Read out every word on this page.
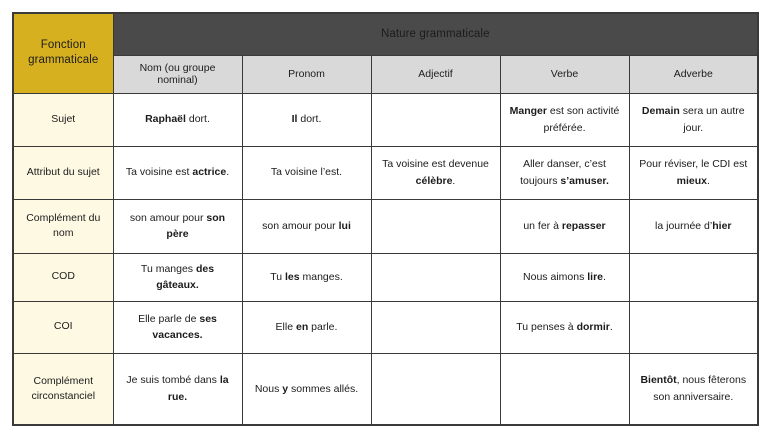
Fonction grammaticale	Nature grammaticale				
	Nom (ou groupe nominal)	Pronom	Adjectif	Verbe	Adverbe
Sujet	Raphaël dort.	Il dort.		Manger est son activité préférée.	Demain sera un autre jour.
Attribut du sujet	Ta voisine est actrice.	Ta voisine l’est.	Ta voisine est devenue célèbre.	Aller danser, c’est toujours s’amuser.	Pour réviser, le CDI est mieux.
Complément du nom	son amour pour son père	son amour pour lui		un fer à repasser	la journée d’hier
COD	Tu manges des gâteaux.	Tu les manges.		Nous aimons lire.	
COI	Elle parle de ses vacances.	Elle en parle.		Tu penses à dormir.	
Complément circonstanciel	Je suis tombé dans la rue.	Nous y sommes allés.			Bientôt, nous fêterons son anniversaire.
